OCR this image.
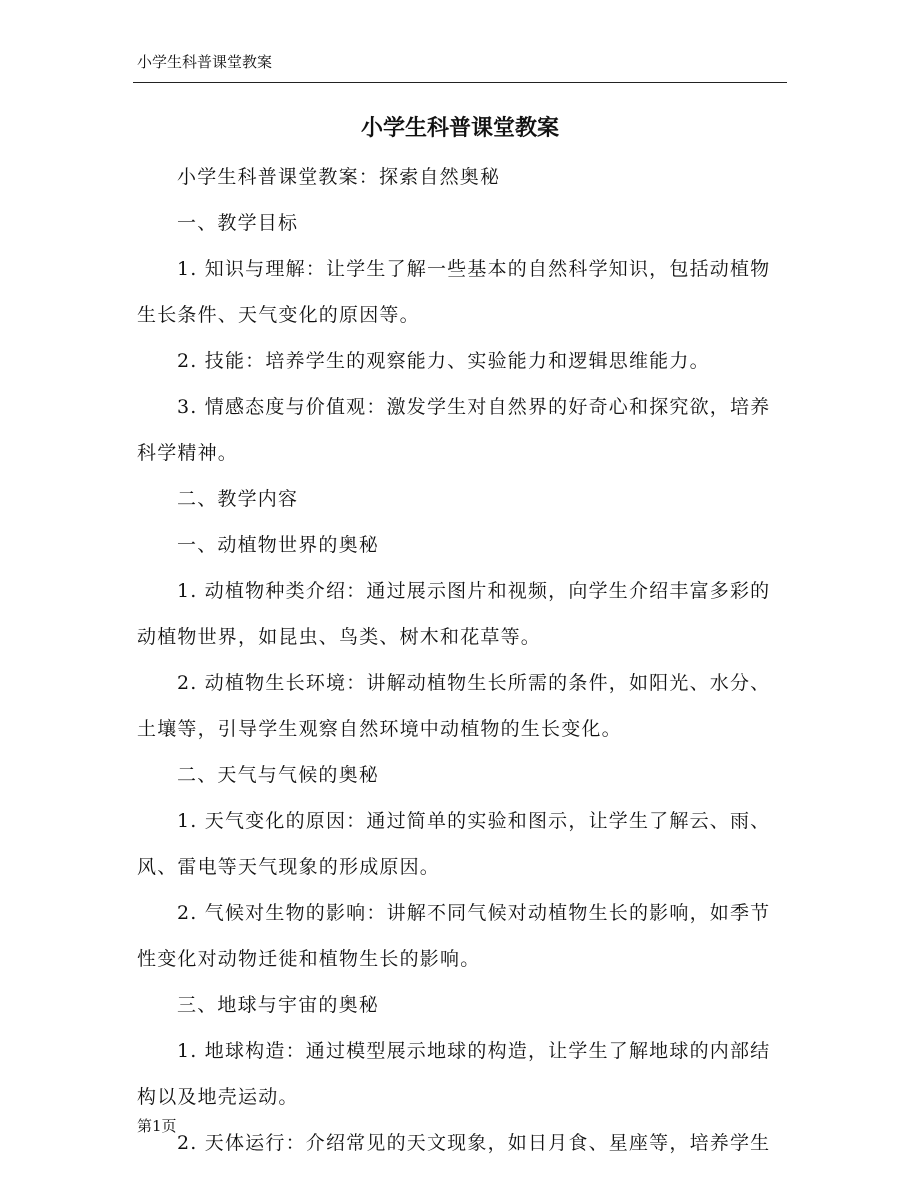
小学生科普课堂教案
小学生科普课堂教案

小学生科普课堂教案：探索自然奥秘

一、教学目标

1. 知识与理解：让学生了解一些基本的自然科学知识，包括动植物

生长条件、天气变化的原因等。

2. 技能：培养学生的观察能力、实验能力和逻辑思维能力。

3. 情感态度与价值观：激发学生对自然界的好奇心和探究欲，培养

科学精神。

二、教学内容

一、动植物世界的奥秘

1. 动植物种类介绍：通过展示图片和视频，向学生介绍丰富多彩的

动植物世界，如昆虫、鸟类、树木和花草等。

2. 动植物生长环境：讲解动植物生长所需的条件，如阳光、水分、

土壤等，引导学生观察自然环境中动植物的生长变化。

二、天气与气候的奥秘

1. 天气变化的原因：通过简单的实验和图示，让学生了解云、雨、

风、雷电等天气现象的形成原因。

2. 气候对生物的影响：讲解不同气候对动植物生长的影响，如季节

性变化对动物迁徙和植物生长的影响。

三、地球与宇宙的奥秘

1. 地球构造：通过模型展示地球的构造，让学生了解地球的内部结

构以及地壳运动。

2. 天体运行：介绍常见的天文现象，如日月食、星座等，培养学生

第1页
